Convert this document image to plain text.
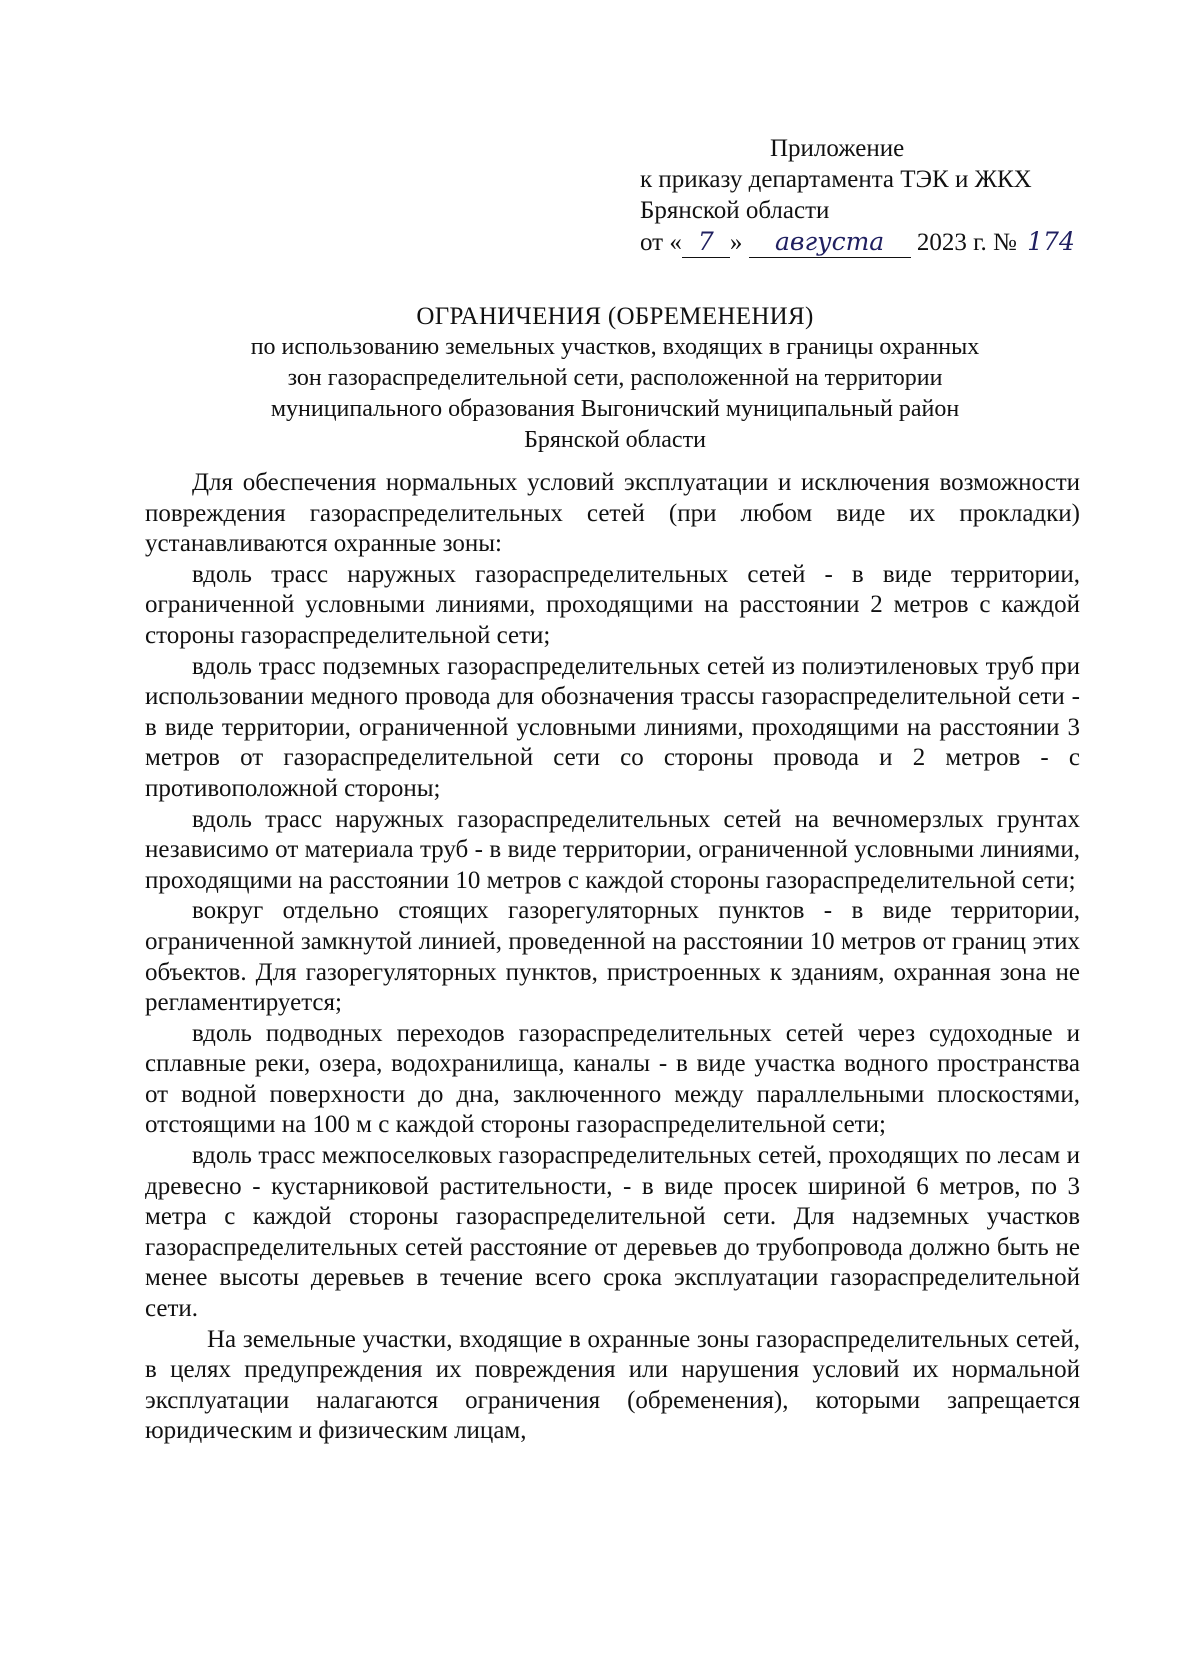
Приложение
к приказу департамента ТЭК и ЖКХ
Брянской области
от « 7 » августа 2023 г. № 174
ОГРАНИЧЕНИЯ (ОБРЕМЕНЕНИЯ)
по использованию земельных участков, входящих в границы охранных
зон газораспределительной сети, расположенной на территории
муниципального образования Выгоничский муниципальный район
Брянской области

Для обеспечения нормальных условий эксплуатации и исключения возможности повреждения газораспределительных сетей (при любом виде их прокладки) устанавливаются охранные зоны:

вдоль трасс наружных газораспределительных сетей - в виде территории, ограниченной условными линиями, проходящими на расстоянии 2 метров с каждой стороны газораспределительной сети;

вдоль трасс подземных газораспределительных сетей из полиэтиленовых труб при использовании медного провода для обозначения трассы газораспределительной сети - в виде территории, ограниченной условными линиями, проходящими на расстоянии 3 метров от газораспределительной сети со стороны провода и 2 метров - с противоположной стороны;

вдоль трасс наружных газораспределительных сетей на вечномерзлых грунтах независимо от материала труб - в виде территории, ограниченной условными линиями, проходящими на расстоянии 10 метров с каждой стороны газораспределительной сети;

вокруг отдельно стоящих газорегуляторных пунктов - в виде территории, ограниченной замкнутой линией, проведенной на расстоянии 10 метров от границ этих объектов. Для газорегуляторных пунктов, пристроенных к зданиям, охранная зона не регламентируется;

вдоль подводных переходов газораспределительных сетей через судоходные и сплавные реки, озера, водохранилища, каналы - в виде участка водного пространства от водной поверхности до дна, заключенного между параллельными плоскостями, отстоящими на 100 м с каждой стороны газораспределительной сети;

вдоль трасс межпоселковых газораспределительных сетей, проходящих по лесам и древесно - кустарниковой растительности, - в виде просек шириной 6 метров, по 3 метра с каждой стороны газораспределительной сети. Для надземных участков газораспределительных сетей расстояние от деревьев до трубопровода должно быть не менее высоты деревьев в течение всего срока эксплуатации газораспределительной сети.

На земельные участки, входящие в охранные зоны газораспределительных сетей, в целях предупреждения их повреждения или нарушения условий их нормальной эксплуатации налагаются ограничения (обременения), которыми запрещается юридическим и физическим лицам,
